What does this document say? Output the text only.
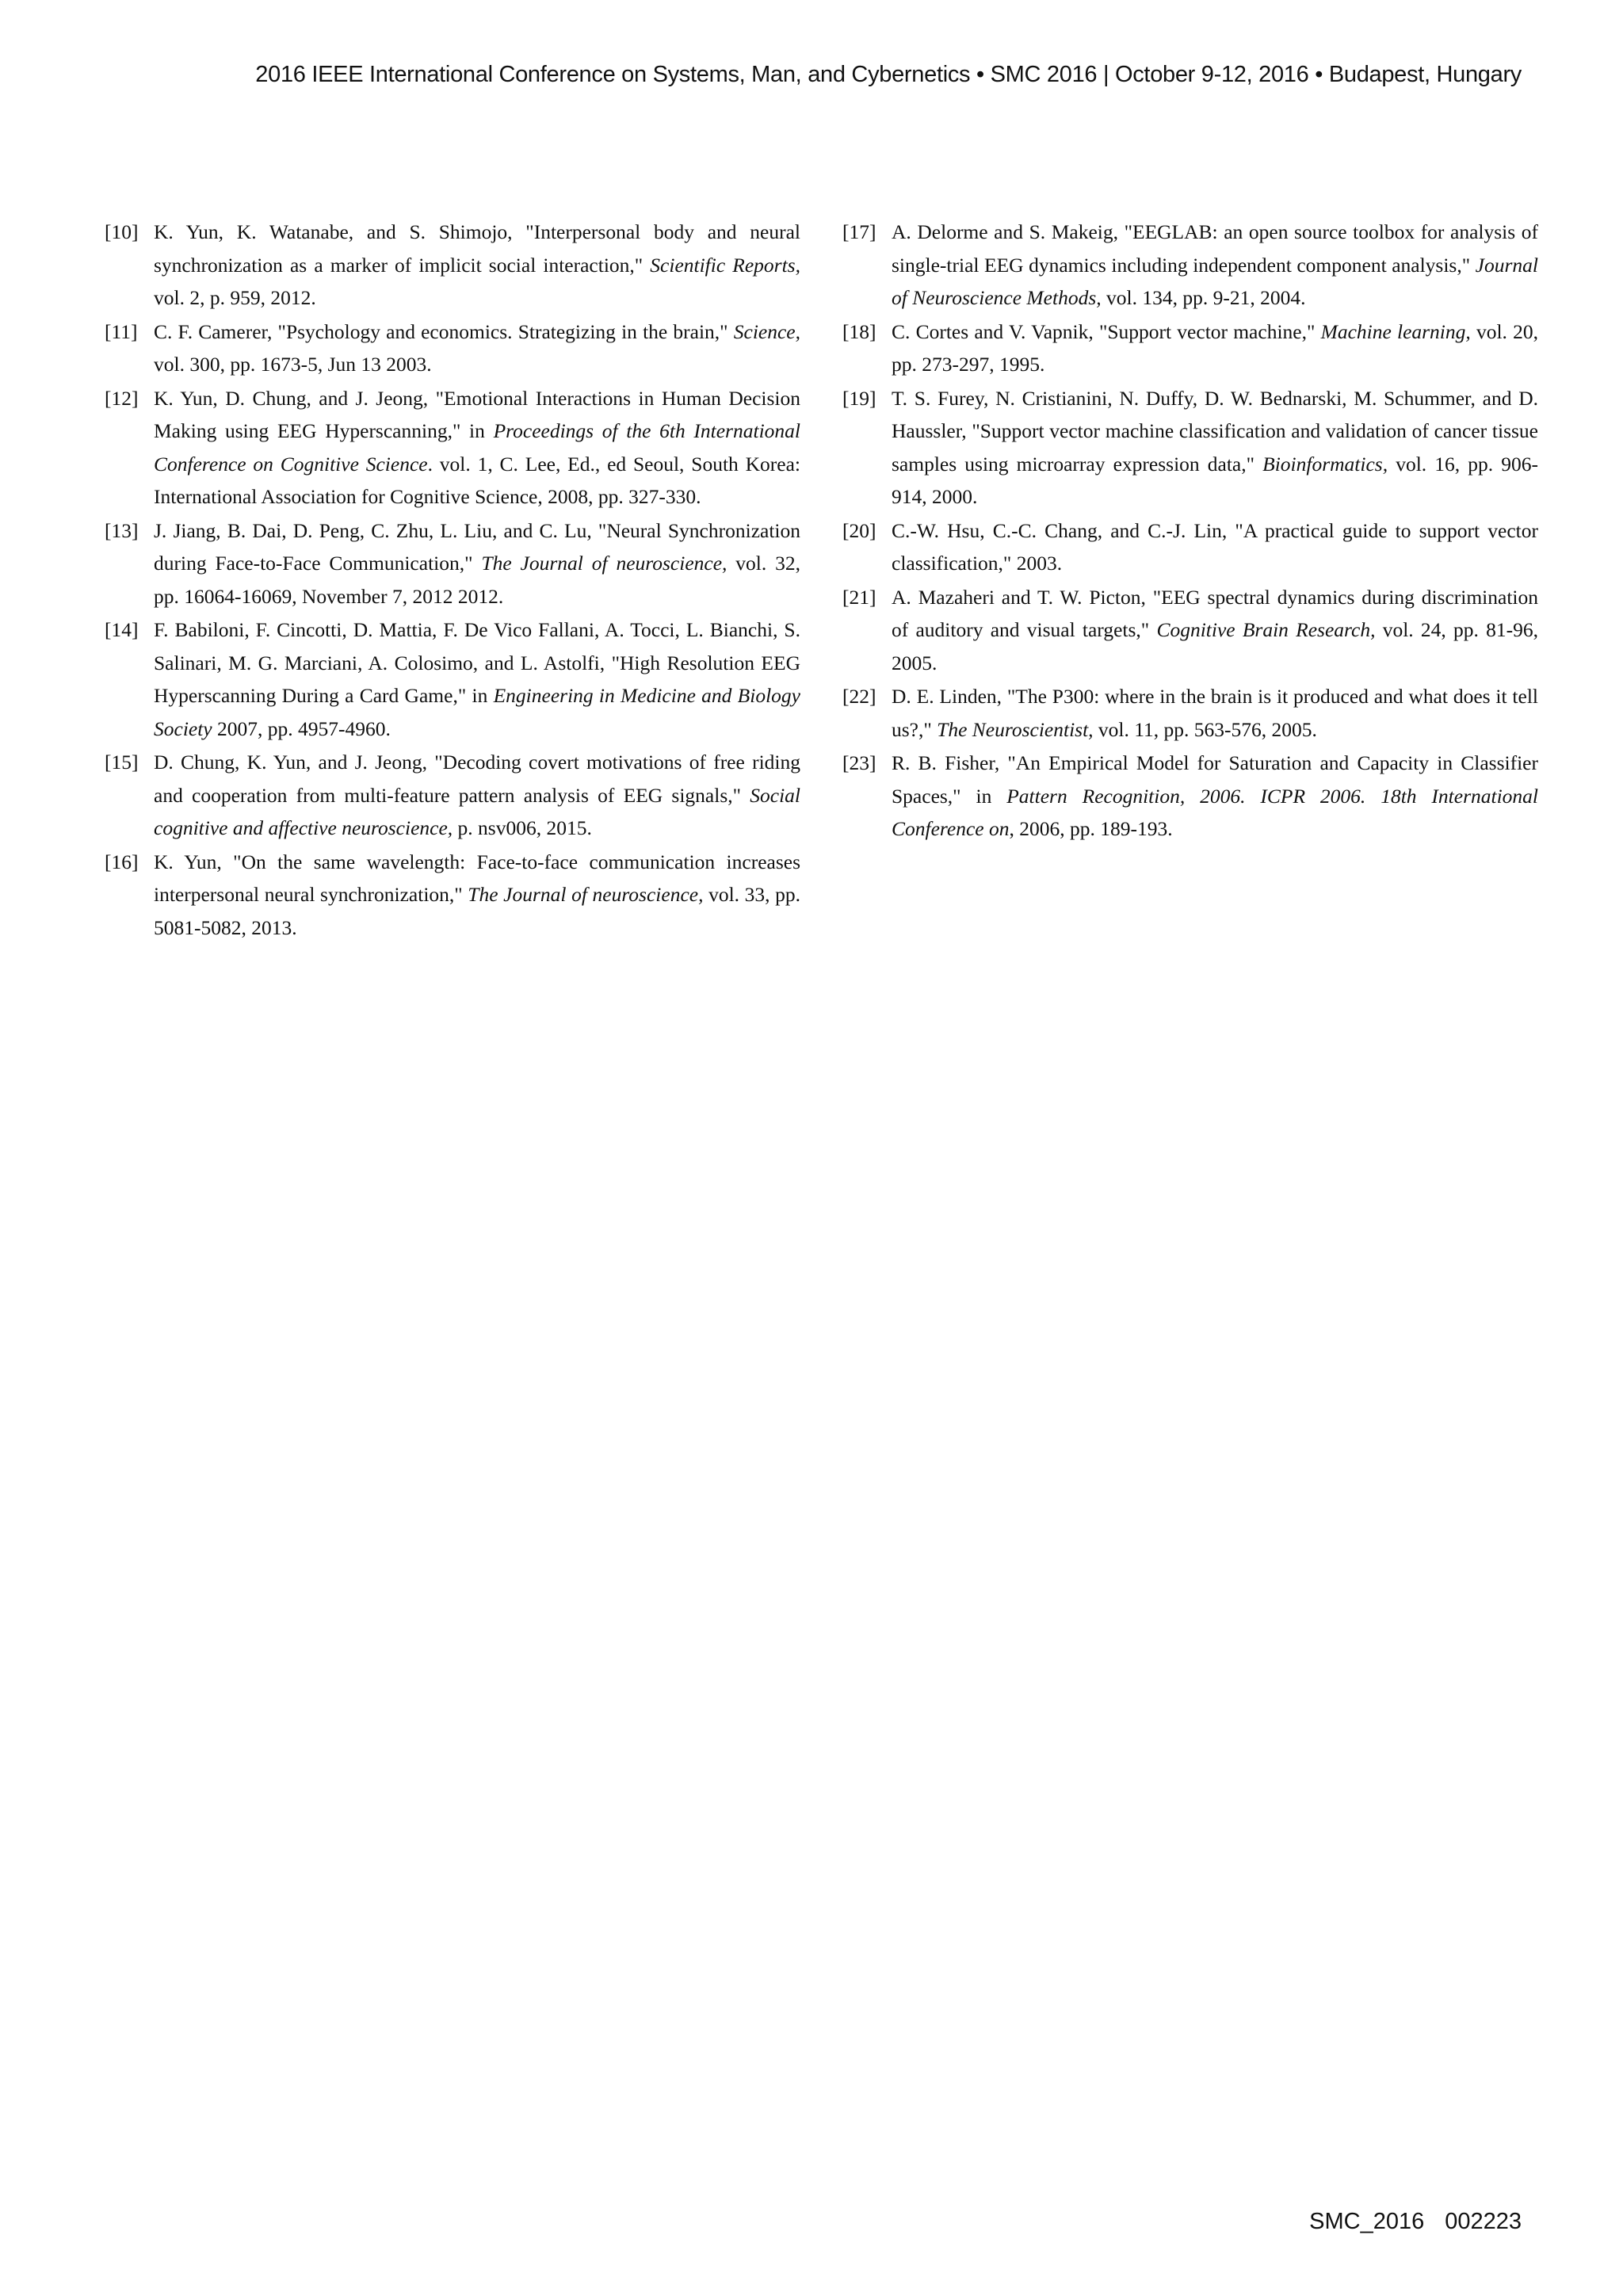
2016 IEEE International Conference on Systems, Man, and Cybernetics • SMC 2016 | October 9-12, 2016 • Budapest, Hungary
[10] K. Yun, K. Watanabe, and S. Shimojo, "Interpersonal body and neural synchronization as a marker of implicit social interaction," Scientific Reports, vol. 2, p. 959, 2012.
[11] C. F. Camerer, "Psychology and economics. Strategizing in the brain," Science, vol. 300, pp. 1673-5, Jun 13 2003.
[12] K. Yun, D. Chung, and J. Jeong, "Emotional Interactions in Human Decision Making using EEG Hyperscanning," in Proceedings of the 6th International Conference on Cognitive Science. vol. 1, C. Lee, Ed., ed Seoul, South Korea: International Association for Cognitive Science, 2008, pp. 327-330.
[13] J. Jiang, B. Dai, D. Peng, C. Zhu, L. Liu, and C. Lu, "Neural Synchronization during Face-to-Face Communication," The Journal of neuroscience, vol. 32, pp. 16064-16069, November 7, 2012 2012.
[14] F. Babiloni, F. Cincotti, D. Mattia, F. De Vico Fallani, A. Tocci, L. Bianchi, S. Salinari, M. G. Marciani, A. Colosimo, and L. Astolfi, "High Resolution EEG Hyperscanning During a Card Game," in Engineering in Medicine and Biology Society 2007, pp. 4957-4960.
[15] D. Chung, K. Yun, and J. Jeong, "Decoding covert motivations of free riding and cooperation from multi-feature pattern analysis of EEG signals," Social cognitive and affective neuroscience, p. nsv006, 2015.
[16] K. Yun, "On the same wavelength: Face-to-face communication increases interpersonal neural synchronization," The Journal of neuroscience, vol. 33, pp. 5081-5082, 2013.
[17] A. Delorme and S. Makeig, "EEGLAB: an open source toolbox for analysis of single-trial EEG dynamics including independent component analysis," Journal of Neuroscience Methods, vol. 134, pp. 9-21, 2004.
[18] C. Cortes and V. Vapnik, "Support vector machine," Machine learning, vol. 20, pp. 273-297, 1995.
[19] T. S. Furey, N. Cristianini, N. Duffy, D. W. Bednarski, M. Schummer, and D. Haussler, "Support vector machine classification and validation of cancer tissue samples using microarray expression data," Bioinformatics, vol. 16, pp. 906-914, 2000.
[20] C.-W. Hsu, C.-C. Chang, and C.-J. Lin, "A practical guide to support vector classification," 2003.
[21] A. Mazaheri and T. W. Picton, "EEG spectral dynamics during discrimination of auditory and visual targets," Cognitive Brain Research, vol. 24, pp. 81-96, 2005.
[22] D. E. Linden, "The P300: where in the brain is it produced and what does it tell us?," The Neuroscientist, vol. 11, pp. 563-576, 2005.
[23] R. B. Fisher, "An Empirical Model for Saturation and Capacity in Classifier Spaces," in Pattern Recognition, 2006. ICPR 2006. 18th International Conference on, 2006, pp. 189-193.
SMC_2016 002223
